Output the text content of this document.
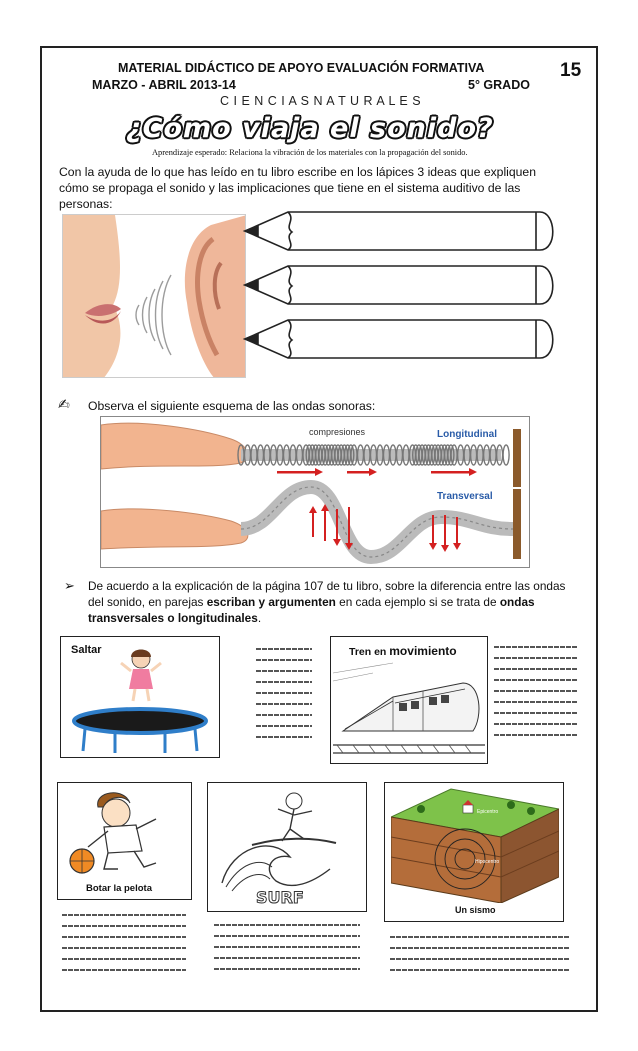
MATERIAL DIDÁCTICO DE APOYO EVALUACIÓN FORMATIVA
MARZO - ABRIL 2013-14	5° GRADO
C I E N C I A S N A T U R A L E S
15
¿Cómo viaja el sonido?
Aprendizaje esperado: Relaciona la vibración de los materiales con la propagación del sonido.
Con la ayuda de lo que has leído en tu libro escribe en los lápices 3 ideas que expliquen cómo se propaga el sonido y las implicaciones que tiene en el sistema auditivo de las personas:
✍ Observa el siguiente esquema de las ondas sonoras:
compresiones	Longitudinal
Transversal
➢ De acuerdo a la explicación de la página 107 de tu libro, sobre la diferencia entre las ondas del sonido, en parejas escriban y argumenten en cada ejemplo si se trata de ondas transversales o longitudinales.
Saltar	Tren en movimiento
Botar la pelota	SURF
Epicentro
Hipocentro
Un sismo
